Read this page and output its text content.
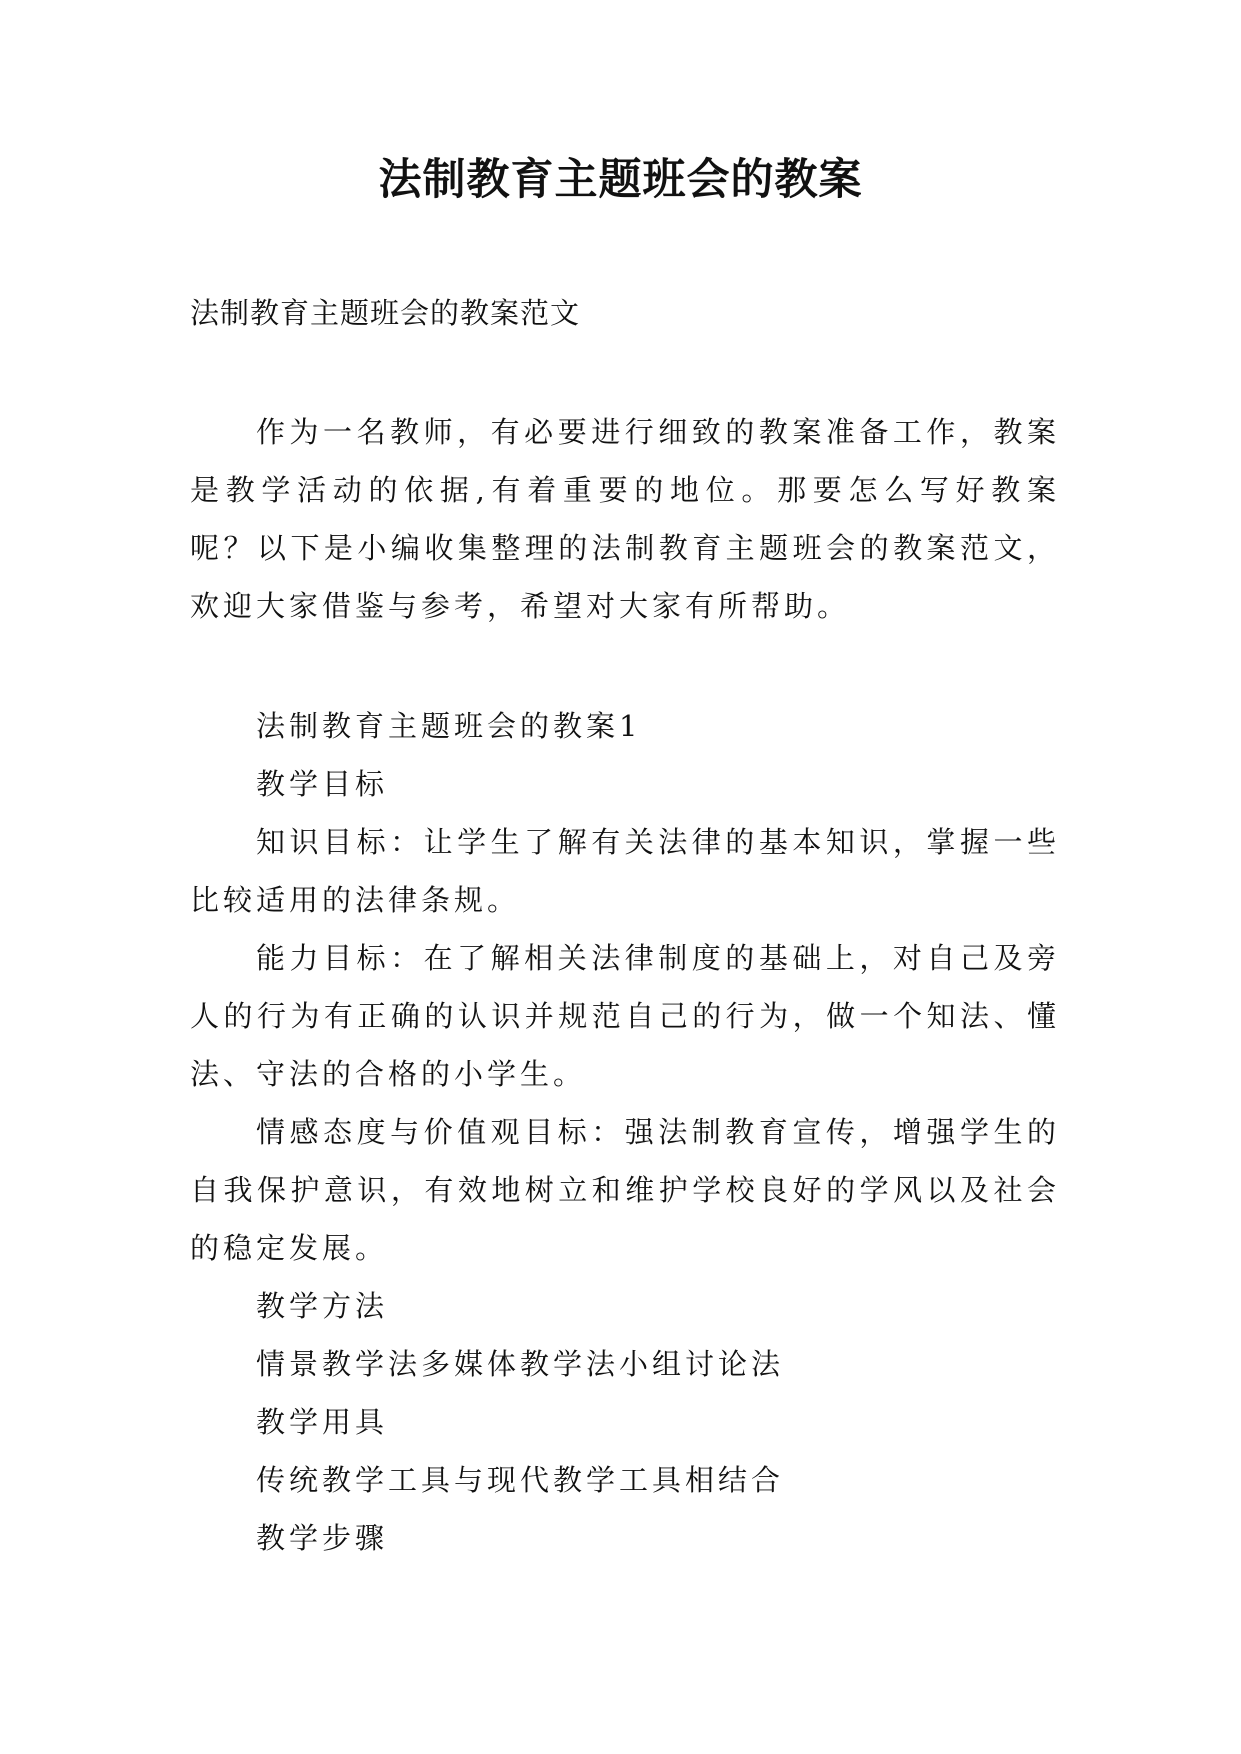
法制教育主题班会的教案
法制教育主题班会的教案范文

作为一名教师，有必要进行细致的教案准备工作，教案是教学活动的依据,有着重要的地位。那要怎么写好教案呢？以下是小编收集整理的法制教育主题班会的教案范文，欢迎大家借鉴与参考，希望对大家有所帮助。

法制教育主题班会的教案1

教学目标

知识目标：让学生了解有关法律的基本知识，掌握一些比较适用的法律条规。

能力目标：在了解相关法律制度的基础上，对自己及旁人的行为有正确的认识并规范自己的行为，做一个知法、懂法、守法的合格的小学生。

情感态度与价值观目标：强法制教育宣传，增强学生的自我保护意识，有效地树立和维护学校良好的学风以及社会的稳定发展。

教学方法

情景教学法多媒体教学法小组讨论法

教学用具

传统教学工具与现代教学工具相结合

教学步骤
